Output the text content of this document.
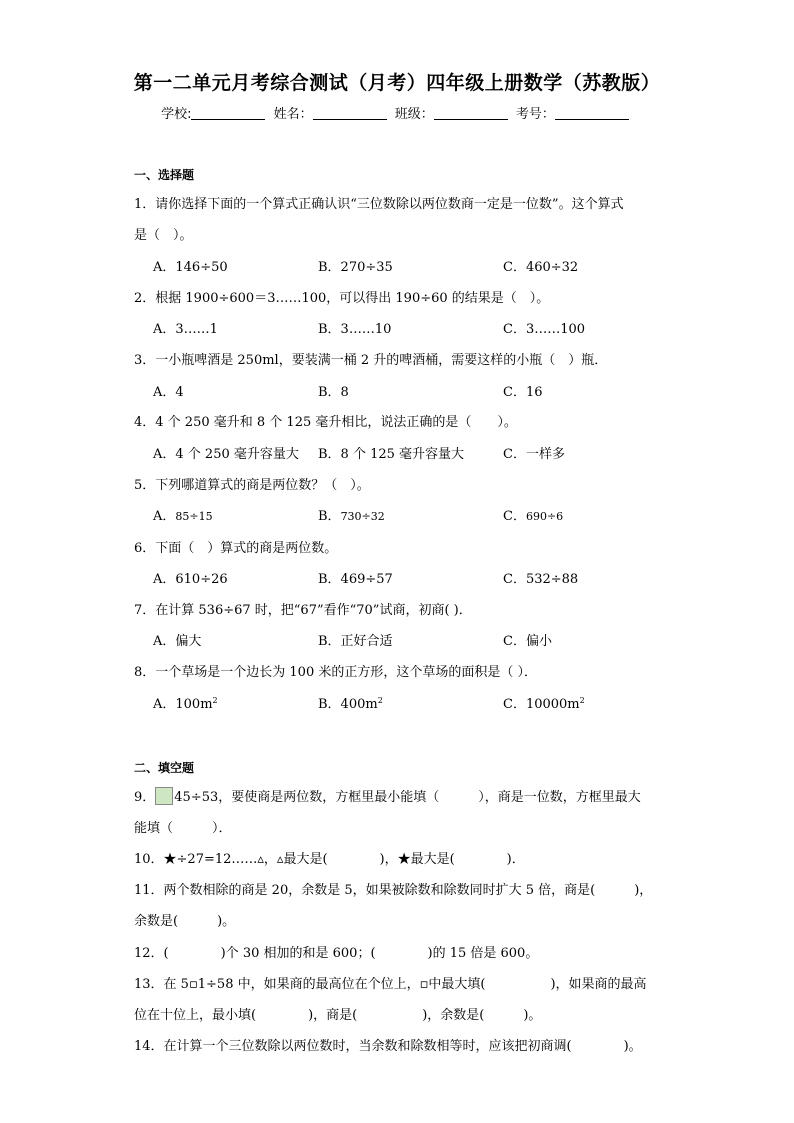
第一二单元月考综合测试（月考）四年级上册数学（苏教版）
学校:	姓名：	班级：	考号：
一、选择题
1．请你选择下面的一个算式正确认识“三位数除以两位数商一定是一位数”。这个算式
是（　）。
A．146÷50	B．270÷35	C．460÷32
2．根据 1900÷600＝3……100，可以得出 190÷60 的结果是（　）。
A．3……1	B．3……10	C．3……100
3．一小瓶啤酒是 250ml，要装满一桶 2 升的啤酒桶，需要这样的小瓶（　）瓶．
A．4	B．8	C．16
4．4 个 250 毫升和 8 个 125 毫升相比，说法正确的是（　　）。
A．4 个 250 毫升容量大 B．8 个 125 毫升容量大	C．一样多
5．下列哪道算式的商是两位数？（　）。
A．85÷15	B．730÷32	C．690÷6
6．下面（　）算式的商是两位数。
A．610÷26	B．469÷57	C．532÷88
7．在计算 536÷67 时，把“67”看作“70”试商，初商( )．
A．偏大	B．正好合适	C．偏小
8．一个草场是一个边长为 100 米的正方形，这个草场的面积是（ ）．
A．$100m^2$	B．$400m^2$	C．$10000m^2$
二、填空题
9． 45÷53，要使商是两位数，方框里最小能填（　　　），商是一位数，方框里最大
能填（　　　）．
10．★÷27=12……▵，▵最大是(　　　　)，★最大是(　　　　)．
11．两个数相除的商是 20，余数是 5，如果被除数和除数同时扩大 5 倍，商是(　　　)，
余数是(　　　)。
12．(　　　　)个 30 相加的和是 600；(　　　　)的 15 倍是 600。
13．在 5▫1÷58 中，如果商的最高位在个位上，▫中最大填(　　　　　)，如果商的最高
位在十位上，最小填(　　　　)，商是(　　　　　)，余数是(　　　)。
14．在计算一个三位数除以两位数时，当余数和除数相等时，应该把初商调(　　　　)。
